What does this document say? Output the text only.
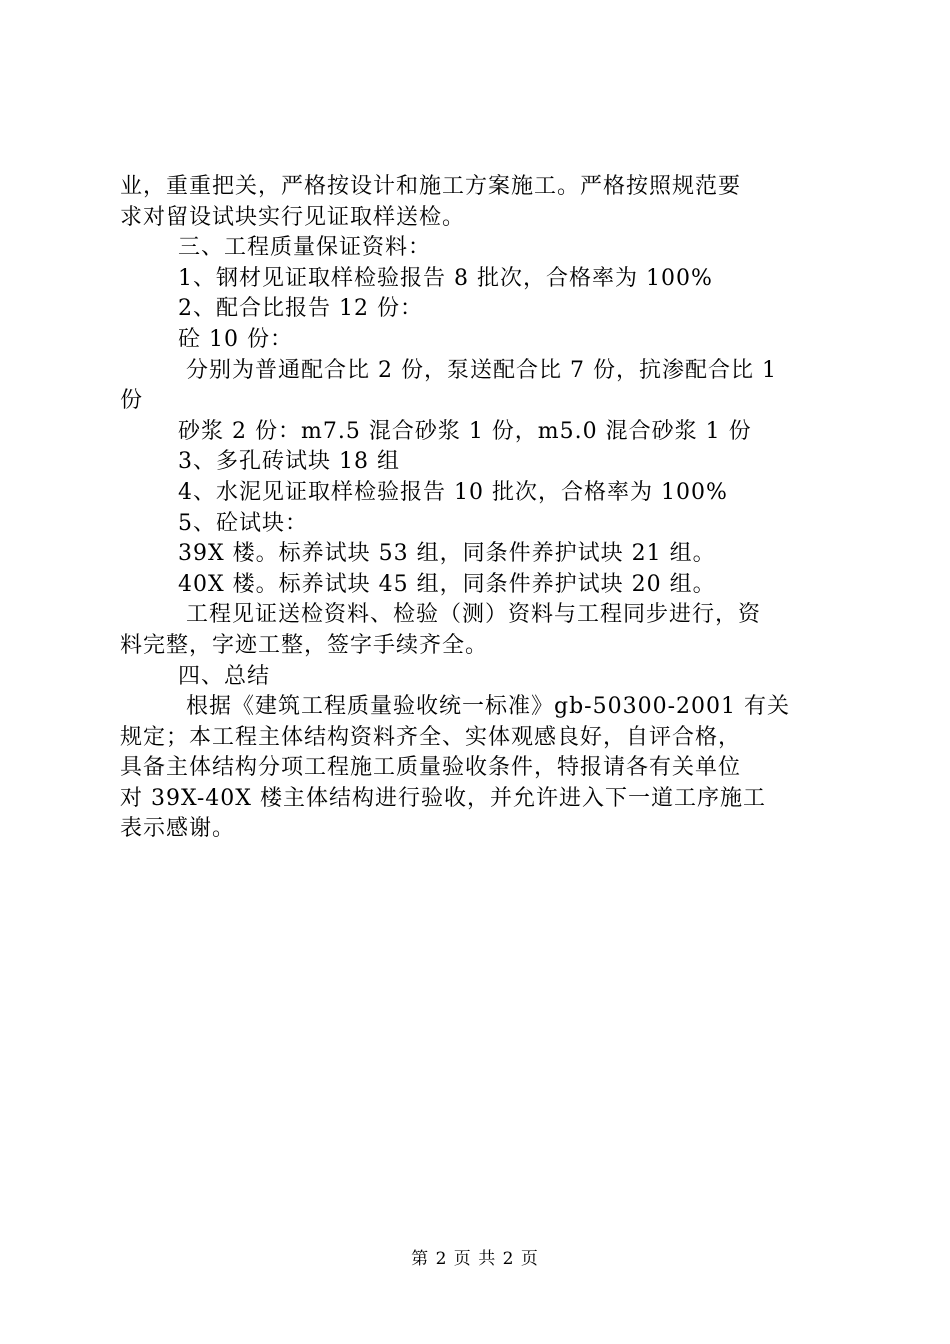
业，重重把关，严格按设计和施工方案施工。严格按照规范要
求对留设试块实行见证取样送检。
三、工程质量保证资料：
1、钢材见证取样检验报告 8 批次，合格率为 100%
2、配合比报告 12 份：
砼 10 份：
分别为普通配合比 2 份，泵送配合比 7 份，抗渗配合比 1
份
砂浆 2 份：m7.5 混合砂浆 1 份，m5.0 混合砂浆 1 份
3、多孔砖试块 18 组
4、水泥见证取样检验报告 10 批次，合格率为 100%
5、砼试块：
39X 楼。标养试块 53 组，同条件养护试块 21 组。
40X 楼。标养试块 45 组，同条件养护试块 20 组。
工程见证送检资料、检验（测）资料与工程同步进行，资
料完整，字迹工整，签字手续齐全。
四、总结
根据《建筑工程质量验收统一标准》gb-50300-2001 有关
规定；本工程主体结构资料齐全、实体观感良好，自评合格，
具备主体结构分项工程施工质量验收条件，特报请各有关单位
对 39X-40X 楼主体结构进行验收，并允许进入下一道工序施工
表示感谢。
第 2 页 共 2 页
